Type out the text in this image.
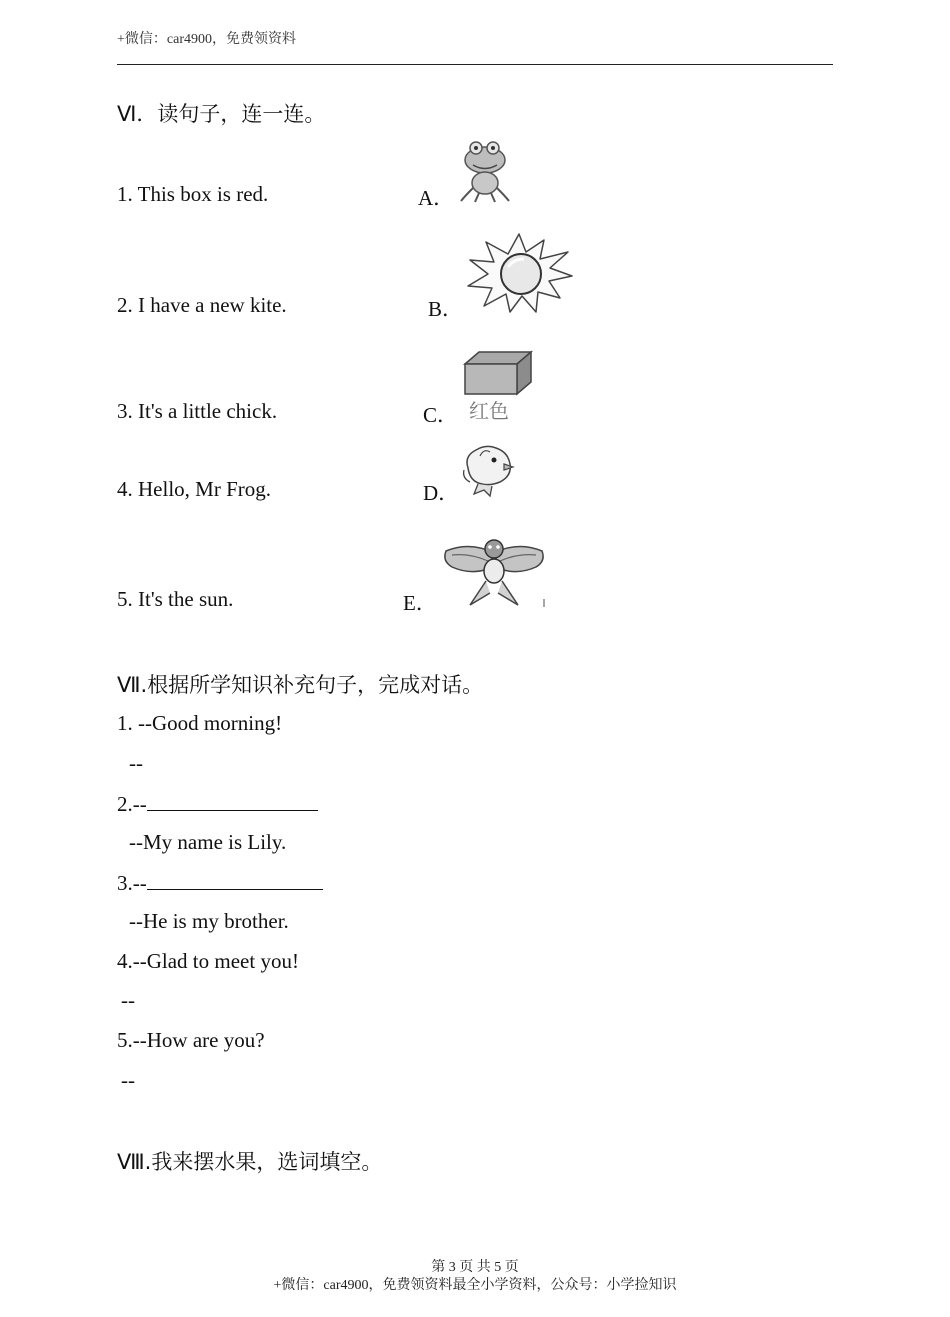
+微信：car4900，免费领资料
Ⅵ．读句子，连一连。
1. This box is red.
2. I have a new kite.
3. It's a little chick.
4. Hello, Mr Frog.
5. It's the sun.
A．
B．
C．
D．
E．
红色
Ⅶ.根据所学知识补充句子，完成对话。
1. --Good morning!
--
2.--
--My name is Lily.
3.--
--He is my brother.
4.--Glad to meet you!
--
5.--How are you?
--
Ⅷ.我来摆水果，选词填空。
第 3 页 共 5 页
+微信：car4900，免费领资料最全小学资料，公众号：小学捡知识
